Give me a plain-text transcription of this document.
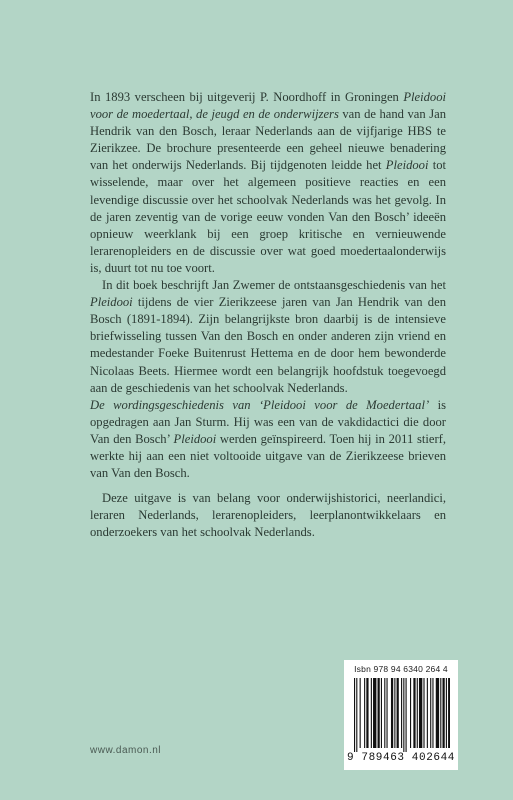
In 1893 verscheen bij uitgeverij P. Noordhoff in Groningen Pleidooi voor de moedertaal, de jeugd en de onderwijzers van de hand van Jan Hendrik van den Bosch, leraar Nederlands aan de vijfjarige HBS te Zierikzee. De brochure presenteerde een geheel nieuwe benadering van het onderwijs Nederlands. Bij tijdgenoten leidde het Pleidooi tot wisselende, maar over het algemeen positieve reacties en een levendige discussie over het schoolvak Nederlands was het gevolg. In de jaren zeventig van de vorige eeuw vonden Van den Bosch’ ideeën opnieuw weerklank bij een groep kritische en vernieuwende lerarenopleiders en de discussie over wat goed moedertaalonderwijs is, duurt tot nu toe voort.

In dit boek beschrijft Jan Zwemer de ontstaansgeschiedenis van het Pleidooi tijdens de vier Zierikzeese jaren van Jan Hendrik van den Bosch (1891-1894). Zijn belangrijkste bron daarbij is de intensieve briefwisseling tussen Van den Bosch en onder anderen zijn vriend en medestander Foeke Buitenrust Hettema en de door hem bewonderde Nicolaas Beets. Hiermee wordt een belangrijk hoofdstuk toegevoegd aan de geschiedenis van het schoolvak Nederlands.

De wordingsgeschiedenis van ‘Pleidooi voor de Moedertaal’ is opgedragen aan Jan Sturm. Hij was een van de vakdidactici die door Van den Bosch’ Pleidooi werden geïnspireerd. Toen hij in 2011 stierf, werkte hij aan een niet voltooide uitgave van de Zierikzeese brieven van Van den Bosch.

Deze uitgave is van belang voor onderwijshistorici, neerlandici, leraren Nederlands, lerarenopleiders, leerplanontwikkelaars en onderzoekers van het schoolvak Nederlands.

www.damon.nl
Isbn 978 94 6340 264 4
9 789463 402644
